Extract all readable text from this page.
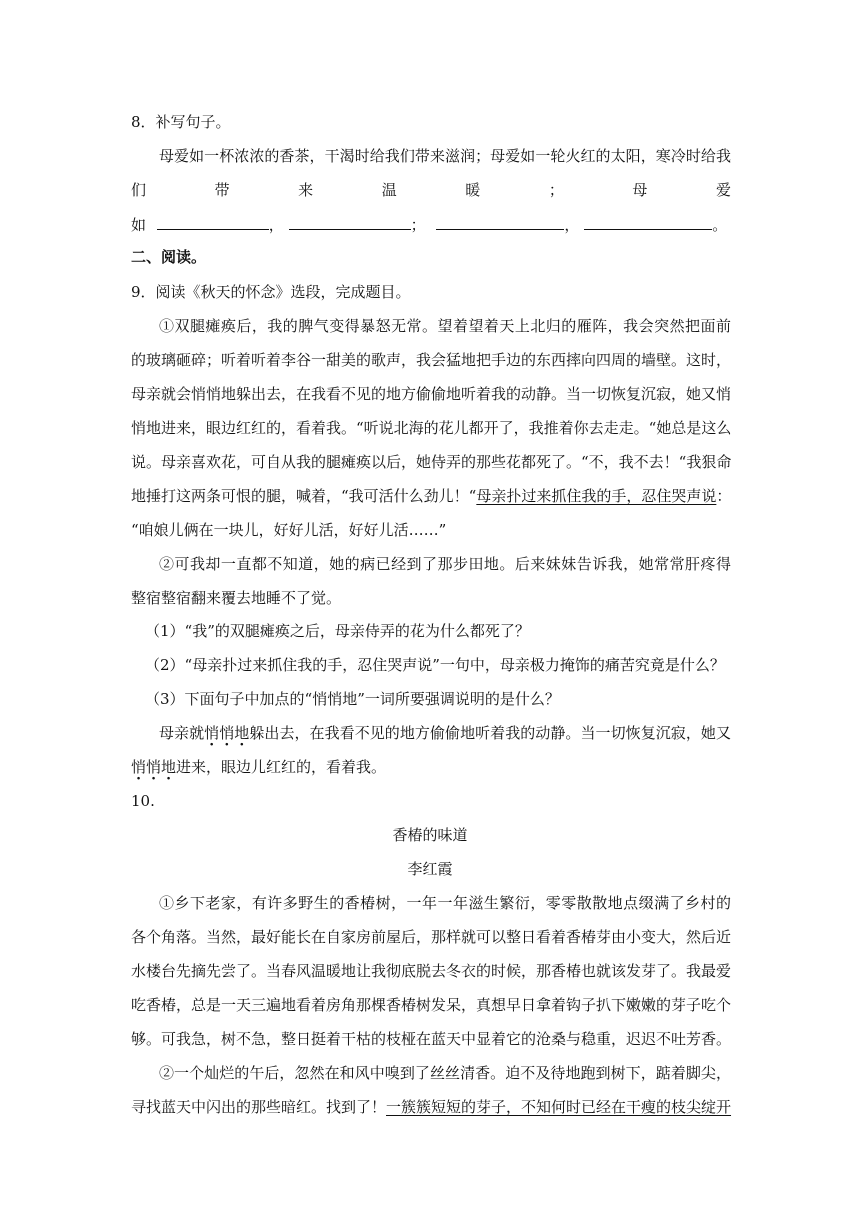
8．补写句子。
母爱如一杯浓浓的香茶，干渴时给我们带来滋润；母爱如一轮火红的太阳，寒冷时给我
们	带	来	温	暖	；	母	爱
如	，	；	，	。
二、阅读。
9．阅读《秋天的怀念》选段，完成题目。
①双腿瘫痪后，我的脾气变得暴怒无常。望着望着天上北归的雁阵，我会突然把面前
的玻璃砸碎；听着听着李谷一甜美的歌声，我会猛地把手边的东西摔向四周的墙壁。这时，
母亲就会悄悄地躲出去，在我看不见的地方偷偷地听着我的动静。当一切恢复沉寂，她又悄
悄地进来，眼边红红的，看着我。“听说北海的花儿都开了，我推着你去走走。“她总是这么
说。母亲喜欢花，可自从我的腿瘫痪以后，她侍弄的那些花都死了。“不，我不去！“我狠命
地捶打这两条可恨的腿，喊着，“我可活什么劲儿！“母亲扑过来抓住我的手，忍住哭声说：
“咱娘儿俩在一块儿，好好儿活，好好儿活……”
②可我却一直都不知道，她的病已经到了那步田地。后来妹妹告诉我，她常常肝疼得
整宿整宿翻来覆去地睡不了觉。
（1）“我”的双腿瘫痪之后，母亲侍弄的花为什么都死了？
（2）“母亲扑过来抓住我的手，忍住哭声说”一句中，母亲极力掩饰的痛苦究竟是什么？
（3）下面句子中加点的“悄悄地”一词所要强调说明的是什么？
母亲就悄悄地躲出去，在我看不见的地方偷偷地听着我的动静。当一切恢复沉寂，她又
悄悄地进来，眼边儿红红的，看着我。
10.
香椿的味道
李红霞
①乡下老家，有许多野生的香椿树，一年一年滋生繁衍，零零散散地点缀满了乡村的
各个角落。当然，最好能长在自家房前屋后，那样就可以整日看着香椿芽由小变大，然后近
水楼台先摘先尝了。当春风温暖地让我彻底脱去冬衣的时候，那香椿也就该发芽了。我最爱
吃香椿，总是一天三遍地看着房角那棵香椿树发呆，真想早日拿着钩子扒下嫩嫩的芽子吃个
够。可我急，树不急，整日挺着干枯的枝桠在蓝天中显着它的沧桑与稳重，迟迟不吐芳香。
②一个灿烂的午后，忽然在和风中嗅到了丝丝清香。迫不及待地跑到树下，踮着脚尖，
寻找蓝天中闪出的那些暗红。找到了！一簇簇短短的芽子，不知何时已经在干瘦的枝尖绽开
